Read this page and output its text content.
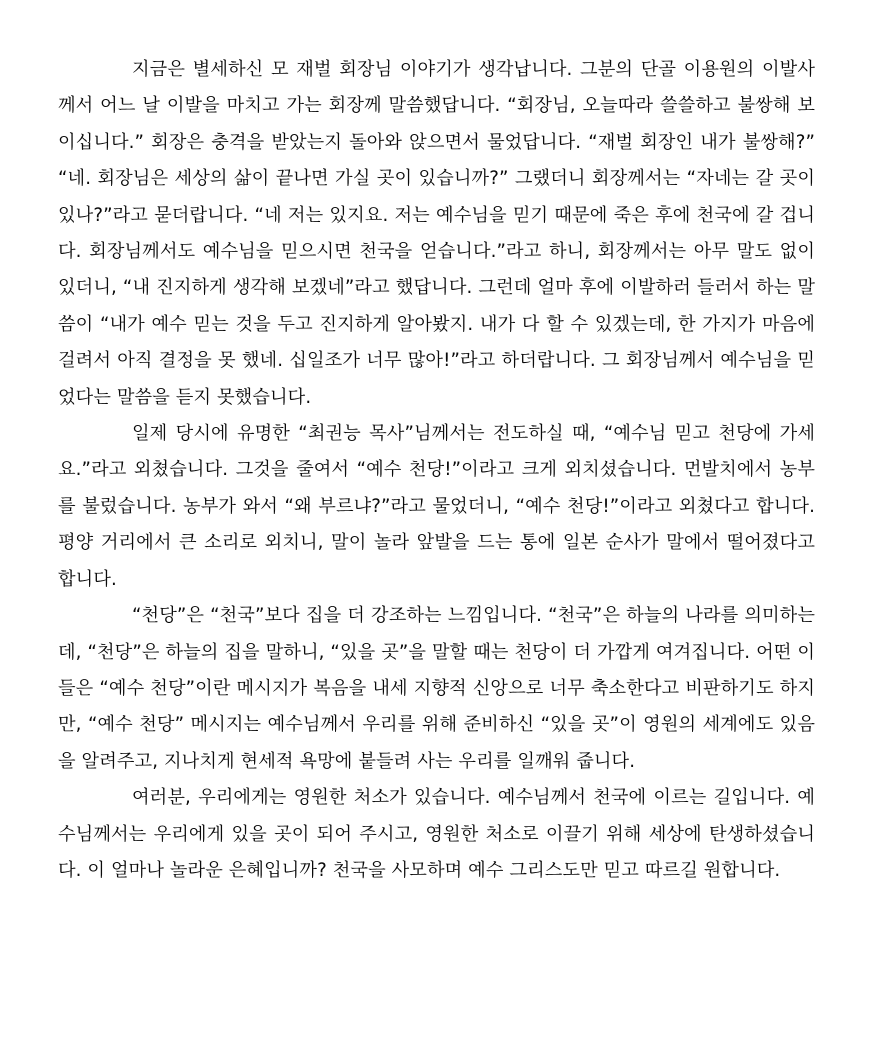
지금은 별세하신 모 재벌 회장님 이야기가 생각납니다. 그분의 단골 이용원의 이발사께서 어느 날 이발을 마치고 가는 회장께 말씀했답니다. “회장님, 오늘따라 쓸쓸하고 불쌍해 보이십니다.” 회장은 충격을 받았는지 돌아와 앉으면서 물었답니다. “재벌 회장인 내가 불쌍해?” “네. 회장님은 세상의 삶이 끝나면 가실 곳이 있습니까?” 그랬더니 회장께서는 “자네는 갈 곳이 있나?”라고 묻더랍니다. “네 저는 있지요. 저는 예수님을 믿기 때문에 죽은 후에 천국에 갈 겁니다. 회장님께서도 예수님을 믿으시면 천국을 얻습니다.”라고 하니, 회장께서는 아무 말도 없이 있더니, “내 진지하게 생각해 보겠네”라고 했답니다. 그런데 얼마 후에 이발하러 들러서 하는 말씀이 “내가 예수 믿는 것을 두고 진지하게 알아봤지. 내가 다 할 수 있겠는데, 한 가지가 마음에 걸려서 아직 결정을 못 했네. 십일조가 너무 많아!”라고 하더랍니다. 그 회장님께서 예수님을 믿었다는 말씀을 듣지 못했습니다.

일제 당시에 유명한 “최권능 목사”님께서는 전도하실 때, “예수님 믿고 천당에 가세요.”라고 외쳤습니다. 그것을 줄여서 “예수 천당!”이라고 크게 외치셨습니다. 먼발치에서 농부를 불렀습니다. 농부가 와서 “왜 부르냐?”라고 물었더니, “예수 천당!”이라고 외쳤다고 합니다. 평양 거리에서 큰 소리로 외치니, 말이 놀라 앞발을 드는 통에 일본 순사가 말에서 떨어졌다고 합니다.

“천당”은 “천국”보다 집을 더 강조하는 느낌입니다. “천국”은 하늘의 나라를 의미하는데, “천당”은 하늘의 집을 말하니, “있을 곳”을 말할 때는 천당이 더 가깝게 여겨집니다. 어떤 이들은 “예수 천당”이란 메시지가 복음을 내세 지향적 신앙으로 너무 축소한다고 비판하기도 하지만, “예수 천당” 메시지는 예수님께서 우리를 위해 준비하신 “있을 곳”이 영원의 세계에도 있음을 알려주고, 지나치게 현세적 욕망에 붙들려 사는 우리를 일깨워 줍니다.

여러분, 우리에게는 영원한 처소가 있습니다. 예수님께서 천국에 이르는 길입니다. 예수님께서는 우리에게 있을 곳이 되어 주시고, 영원한 처소로 이끌기 위해 세상에 탄생하셨습니다. 이 얼마나 놀라운 은혜입니까? 천국을 사모하며 예수 그리스도만 믿고 따르길 원합니다.
